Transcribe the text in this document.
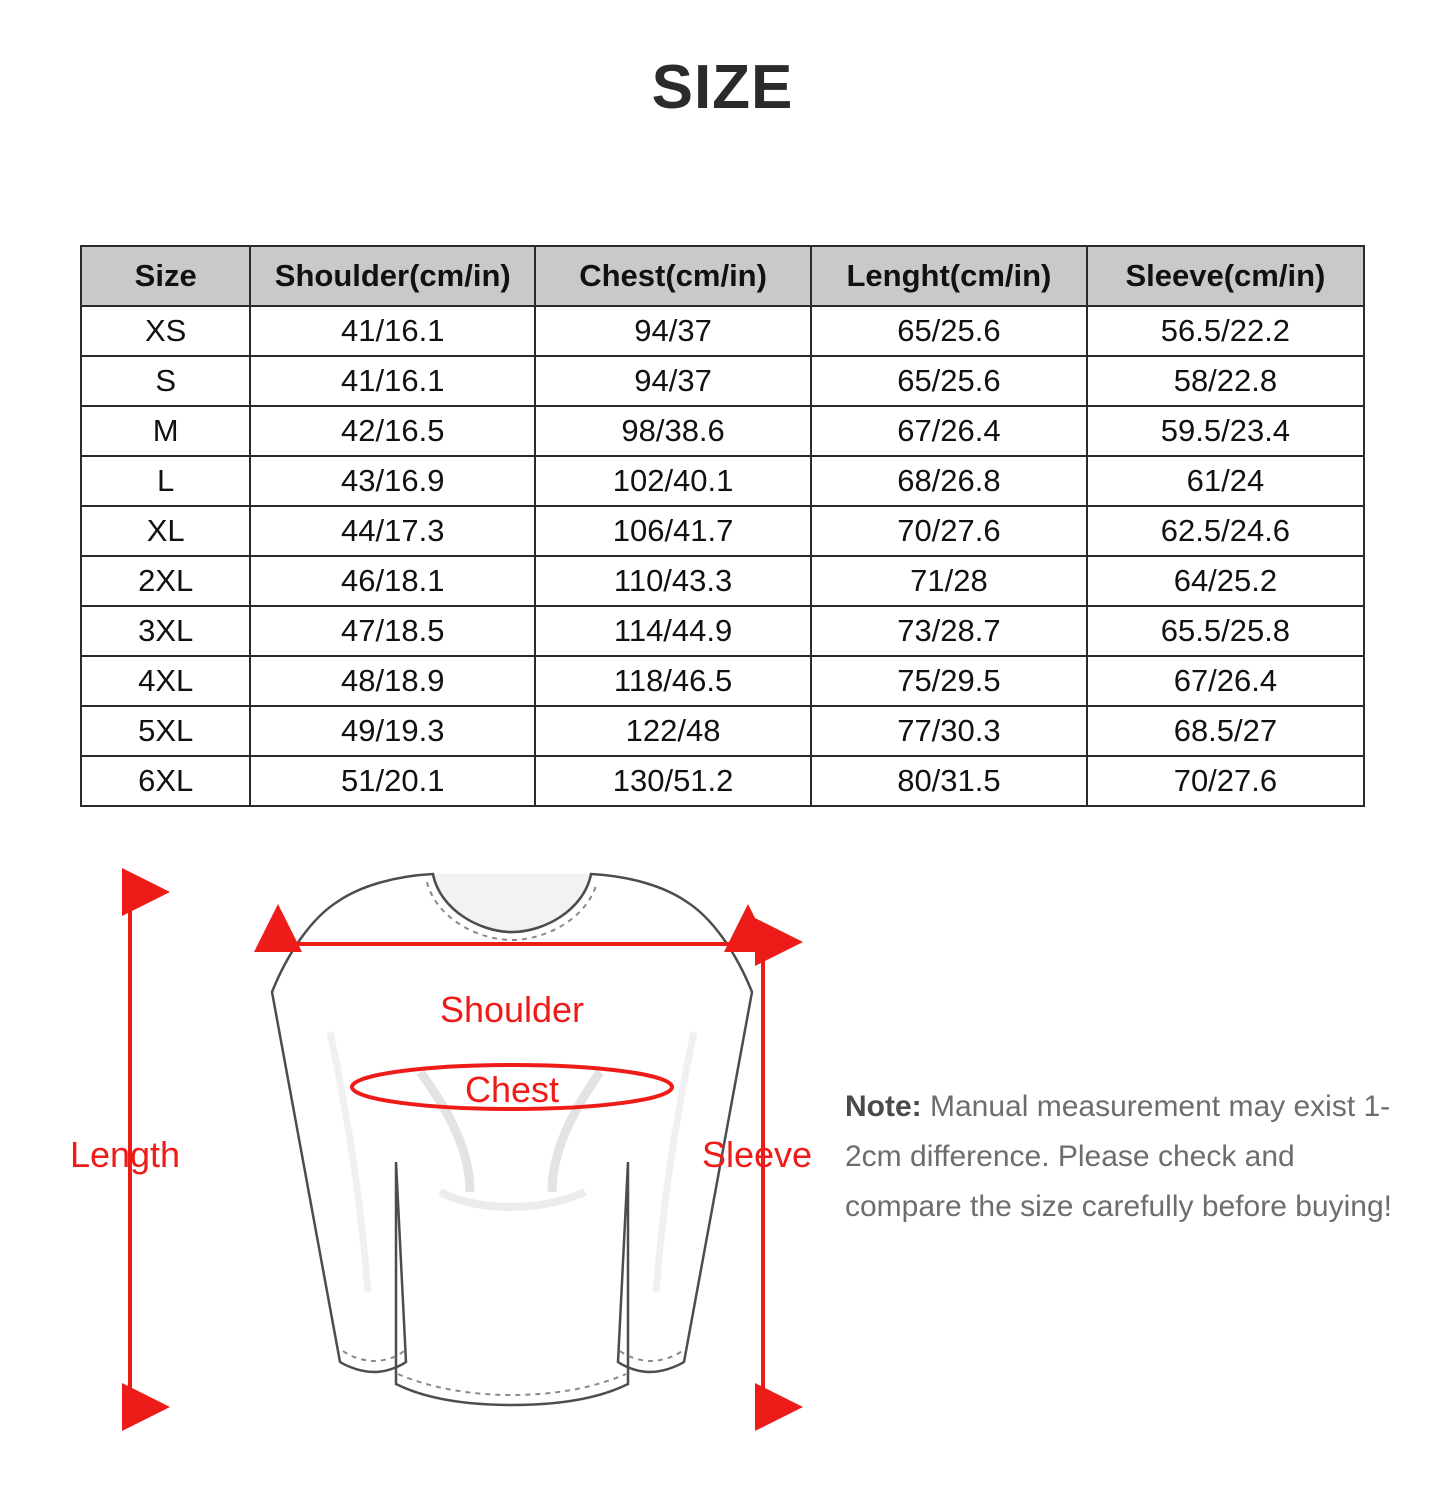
SIZE
Size	Shoulder(cm/in)	Chest(cm/in)	Lenght(cm/in)	Sleeve(cm/in)
XS	41/16.1	94/37	65/25.6	56.5/22.2
S	41/16.1	94/37	65/25.6	58/22.8
M	42/16.5	98/38.6	67/26.4	59.5/23.4
L	43/16.9	102/40.1	68/26.8	61/24
XL	44/17.3	106/41.7	70/27.6	62.5/24.6
2XL	46/18.1	110/43.3	71/28	64/25.2
3XL	47/18.5	114/44.9	73/28.7	65.5/25.8
4XL	48/18.9	118/46.5	75/29.5	67/26.4
5XL	49/19.3	122/48	77/30.3	68.5/27
6XL	51/20.1	130/51.2	80/31.5	70/27.6
Shoulder
Chest
Length	Sleeve
Note: Manual measurement may exist 1-2cm difference. Please check and compare the size carefully before buying!
